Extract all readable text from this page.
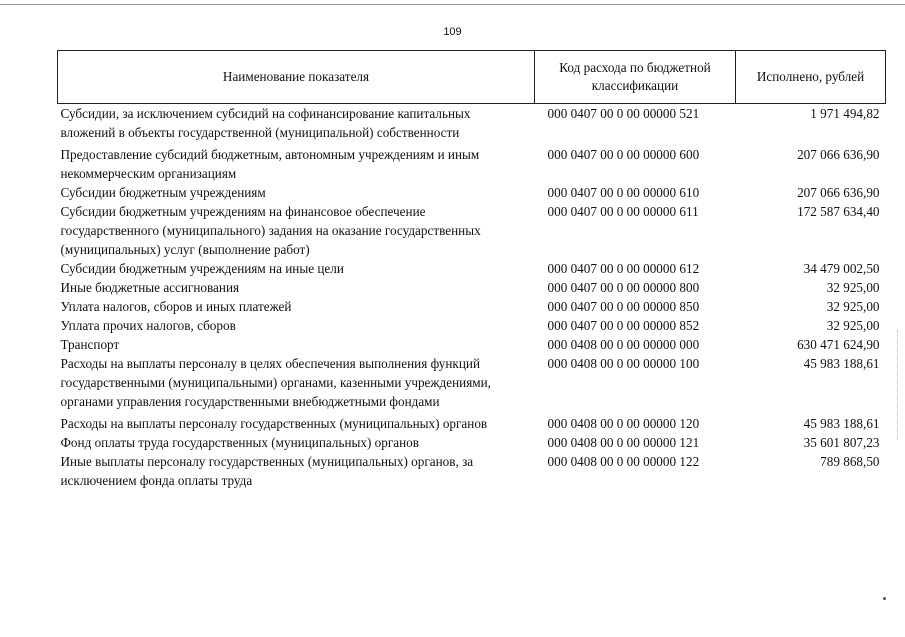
109
Наименование показателя	Код расхода по бюджетной классификации	Исполнено, рублей
Субсидии, за исключением субсидий на софинансирование капитальных вложений в объекты государственной (муниципальной) собственности	000 0407 00 0 00 00000 521	1 971 494,82
Предоставление субсидий бюджетным, автономным учреждениям и иным некоммерческим организациям	000 0407 00 0 00 00000 600	207 066 636,90
Субсидии бюджетным учреждениям	000 0407 00 0 00 00000 610	207 066 636,90
Субсидии бюджетным учреждениям на финансовое обеспечение государственного (муниципального) задания на оказание государственных (муниципальных) услуг (выполнение работ)	000 0407 00 0 00 00000 611	172 587 634,40
Субсидии бюджетным учреждениям на иные цели	000 0407 00 0 00 00000 612	34 479 002,50
Иные бюджетные ассигнования	000 0407 00 0 00 00000 800	32 925,00
Уплата налогов, сборов и иных платежей	000 0407 00 0 00 00000 850	32 925,00
Уплата прочих налогов, сборов	000 0407 00 0 00 00000 852	32 925,00
Транспорт	000 0408 00 0 00 00000 000	630 471 624,90
Расходы на выплаты персоналу в целях обеспечения выполнения функций государственными (муниципальными) органами, казенными учреждениями, органами управления государственными внебюджетными фондами	000 0408 00 0 00 00000 100	45 983 188,61
Расходы на выплаты персоналу государственных (муниципальных) органов	000 0408 00 0 00 00000 120	45 983 188,61
Фонд оплаты труда государственных (муниципальных) органов	000 0408 00 0 00 00000 121	35 601 807,23
Иные выплаты персоналу государственных (муниципальных) органов, за исключением фонда оплаты труда	000 0408 00 0 00 00000 122	789 868,50
